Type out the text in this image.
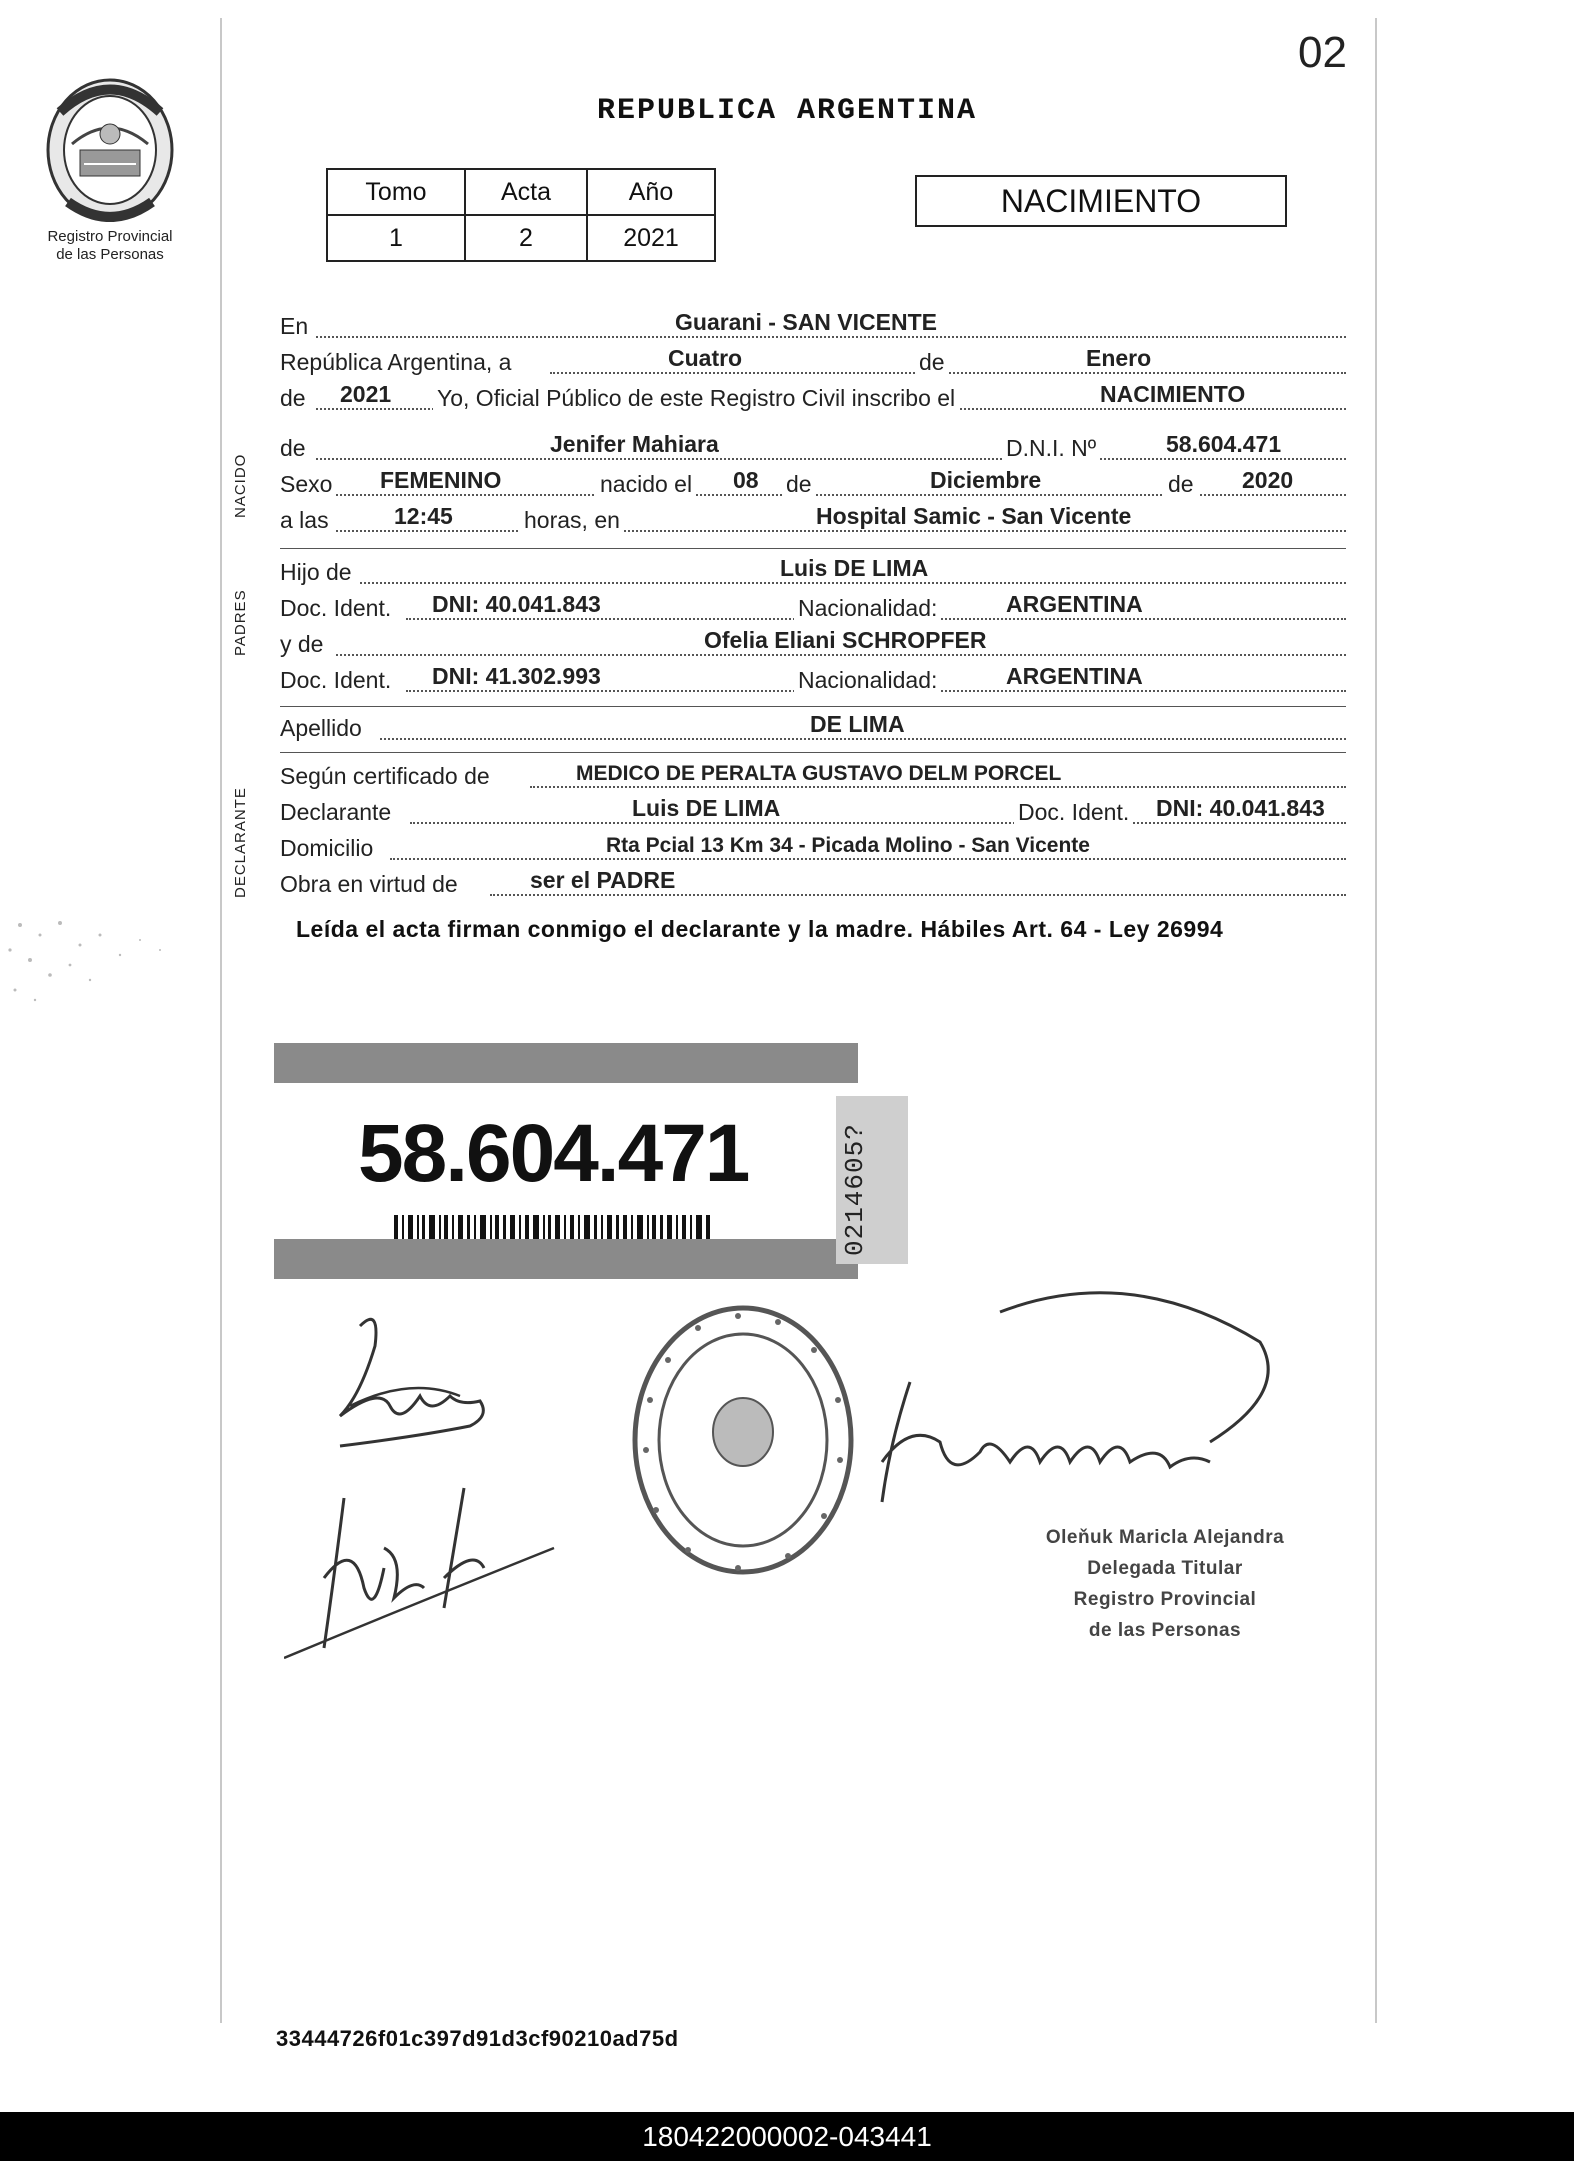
02
Registro Provincial
de las Personas
REPUBLICA ARGENTINA
Tomo	Acta	Año
1	2	2021
NACIMIENTO
En	Guarani - SAN VICENTE
República Argentina, a	Cuatro	de	Enero
de 2021 Yo, Oficial Público de este Registro Civil inscribo el	NACIMIENTO
NACIDO
de	Jenifer Mahiara	D.N.I. Nº	58.604.471
Sexo FEMENINO	nacido el 08 de	Diciembre	de 2020
a las	12:45	horas, en	Hospital Samic - San Vicente
PADRES
Hijo de	Luis DE LIMA
Doc. Ident. DNI: 40.041.843	Nacionalidad:	ARGENTINA
y de	Ofelia Eliani SCHROPFER
Doc. Ident. DNI: 41.302.993	Nacionalidad:	ARGENTINA
Apellido	DE LIMA
DECLARANTE
Según certificado de	MEDICO DE PERALTA GUSTAVO DELM PORCEL
Declarante	Luis DE LIMA	Doc. Ident. DNI: 40.041.843
Domicilio	Rta Pcial 13 Km 34 - Picada Molino - San Vicente
Obra en virtud de	ser el PADRE
Leída el acta firman conmigo el declarante y la madre. Hábiles Art. 64 - Ley 26994
58.604.471	0214605?
Oleňuk Maricla Alejandra
Delegada Titular
Registro Provincial
de las Personas
33444726f01c397d91d3cf90210ad75d
180422000002-043441
